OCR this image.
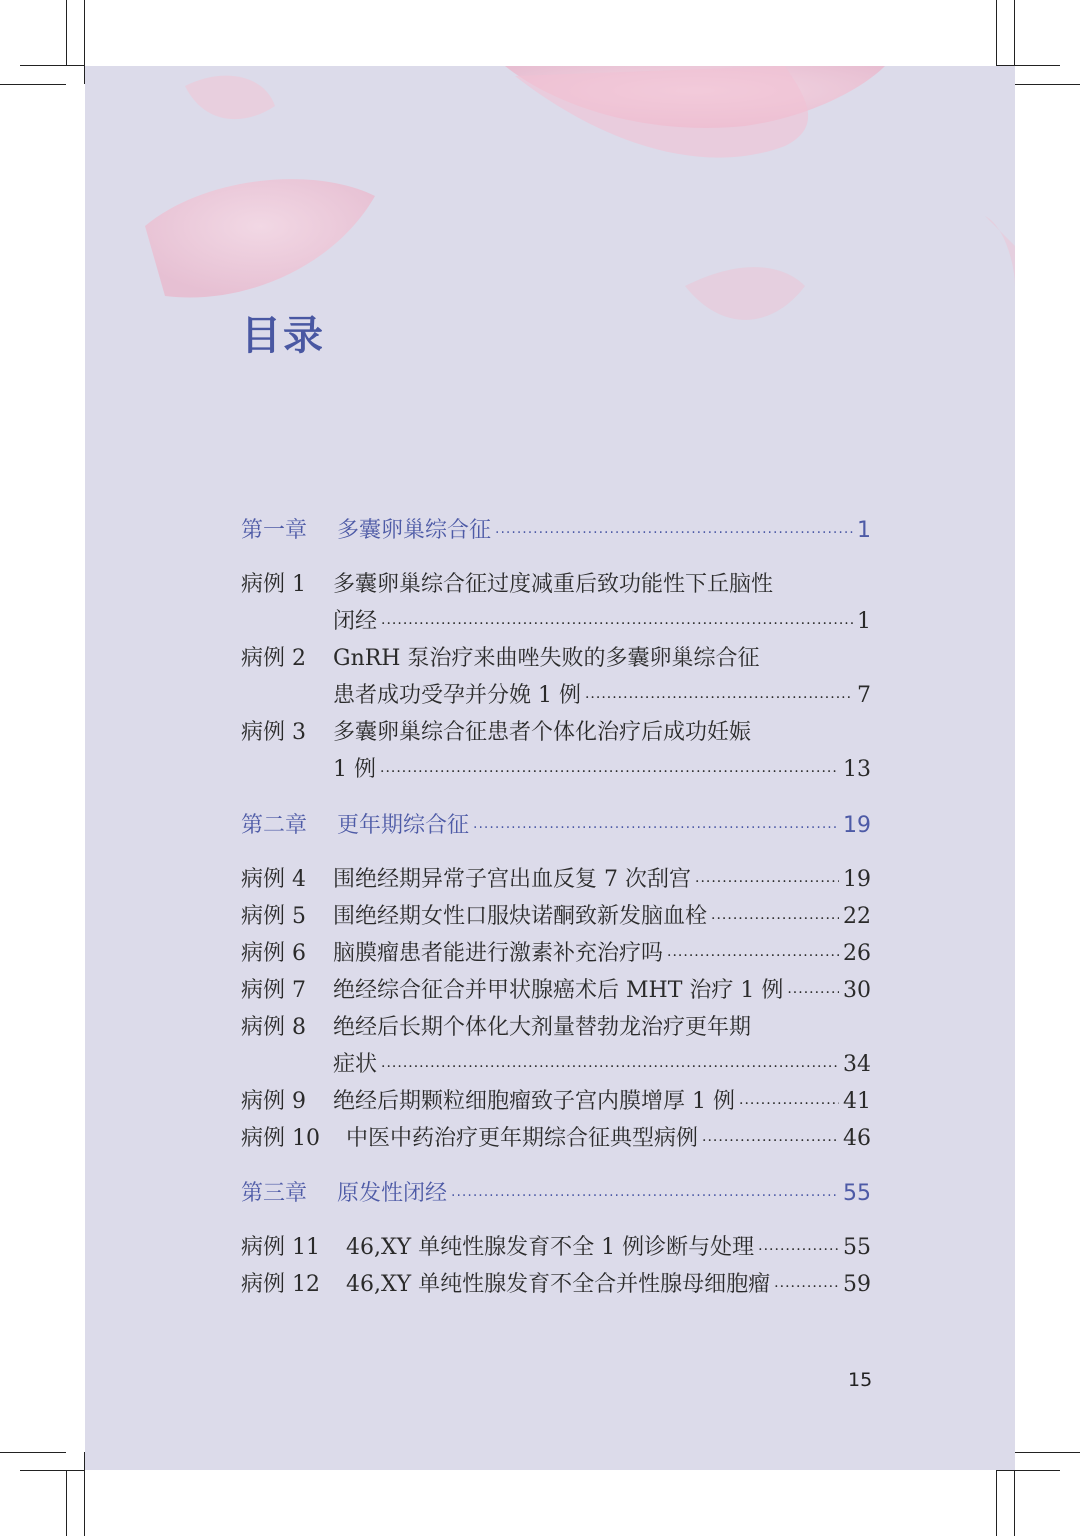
目录
第一章	多囊卵巢综合征 ·····	1
病例 1	多囊卵巢综合征过度减重后致功能性下丘脑性
闭经 ·····	1
病例 2	GnRH 泵治疗来曲唑失败的多囊卵巢综合征
患者成功受孕并分娩 1 例 ·····	7
病例 3	多囊卵巢综合征患者个体化治疗后成功妊娠
1 例 ·····	13
第二章	更年期综合征 ·····	19
病例 4	围绝经期异常子宫出血反复 7 次刮宫 ·····	19
病例 5	围绝经期女性口服炔诺酮致新发脑血栓 ·····	22
病例 6	脑膜瘤患者能进行激素补充治疗吗 ·····	26
病例 7	绝经综合征合并甲状腺癌术后 MHT 治疗 1 例 ·····	30
病例 8	绝经后长期个体化大剂量替勃龙治疗更年期
症状 ·····	34
病例 9	绝经后期颗粒细胞瘤致子宫内膜增厚 1 例 ·····	41
病例 10	中医中药治疗更年期综合征典型病例 ·····	46
第三章	原发性闭经 ·····	55
病例 11	46,XY 单纯性腺发育不全 1 例诊断与处理 ·····	55
病例 12	46,XY 单纯性腺发育不全合并性腺母细胞瘤 ·····	59
15
